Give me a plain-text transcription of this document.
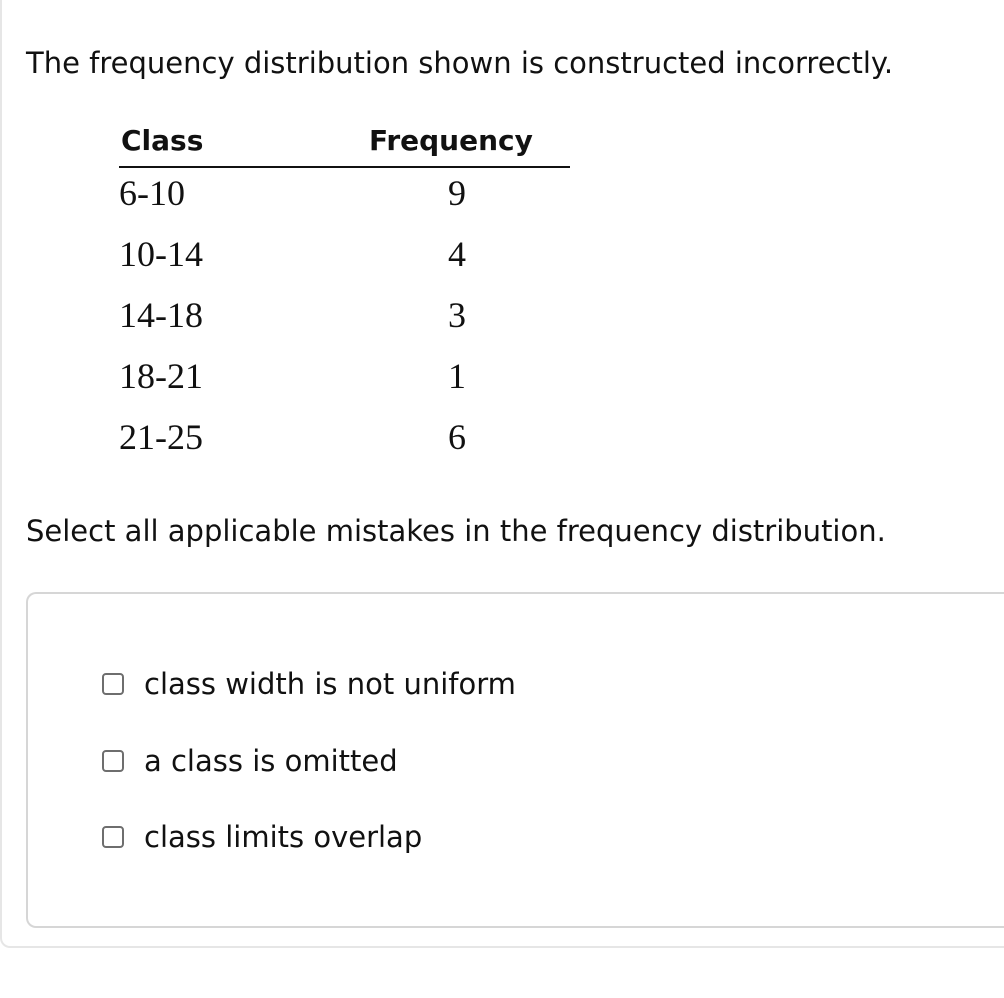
The frequency distribution shown is constructed incorrectly.

Class	Frequency
6-10	9
10-14	4
14-18	3
18-21	1
21-25	6

Select all applicable mistakes in the frequency distribution.

class width is not uniform
a class is omitted
class limits overlap
